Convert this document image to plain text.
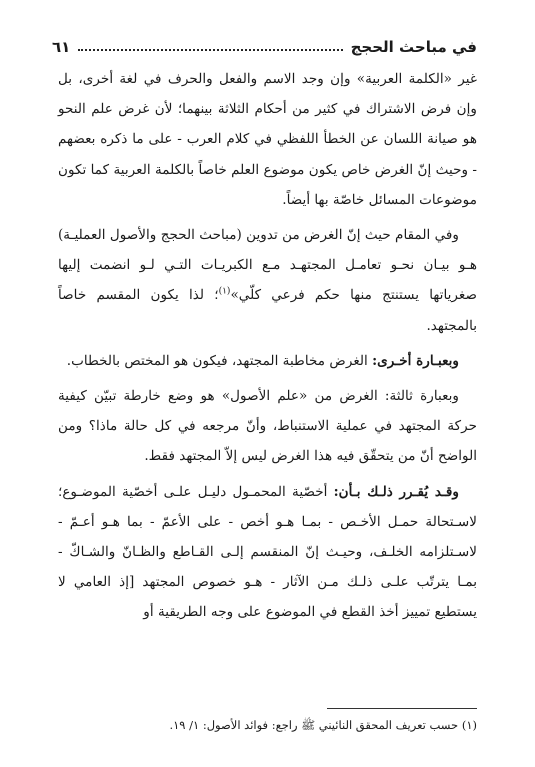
في مباحث الحجج
٦١

غير «الكلمة العربية» وإن وجد الاسم والفعل والحرف في لغة أخرى، بل وإن فرض الاشتراك في كثير من أحكام الثلاثة بينهما؛ لأن غرض علم النحو هو صيانة اللسان عن الخطأ اللفظي في كلام العرب - على ما ذكره بعضهم - وحيث إنّ الغرض خاص يكون موضوع العلم خاصاً بالكلمة العربية كما تكون موضوعات المسائل خاصّة بها أيضاً.

وفي المقام حيث إنّ الغرض من تدوين (مباحث الحجج والأصول العمليـة) هـو بيـان نحـو تعامـل المجتهـد مـع الكبريـات التـي لـو انضمت إليها صغرياتها يستنتج منها حكم فرعي كلّي»$^{(١)}$؛ لذا يكون المقسم خاصاً بالمجتهد.

وبعبـارة أخـرى: الغرض مخاطبة المجتهد، فيكون هو المختص بالخطاب.

وبعبارة ثالثة: الغرض من «علم الأصول» هو وضع خارطة تبيّن كيفية حركة المجتهد في عملية الاستنباط، وأنّ مرجعه في كل حالة ماذا؟ ومن الواضح أنّ من يتحقّق فيه هذا الغرض ليس إلاّ المجتهد فقط.

وقـد يُقـرر ذلـك بـأن: أخصّية المحمـول دليـل علـى أخصّية الموضـوع؛ لاسـتحالة حمـل الأخـص - بمـا هـو أخص - على الأعمّ - بما هـو أعـمّ - لاسـتلزامه الخلـف، وحيـث إنّ المنقسم إلـى القـاطع والظـانّ والشـاكّ - بمـا يترتّب علـى ذلـك مـن الآثار - هـو خصوص المجتهد [إذ العامي لا يستطيع تمييز أخذ القطع في الموضوع على وجه الطريقية أو

(١) حسب تعريف المحقق النائيني ﷺ راجع: فوائد الأصول: ١/ ١٩.
